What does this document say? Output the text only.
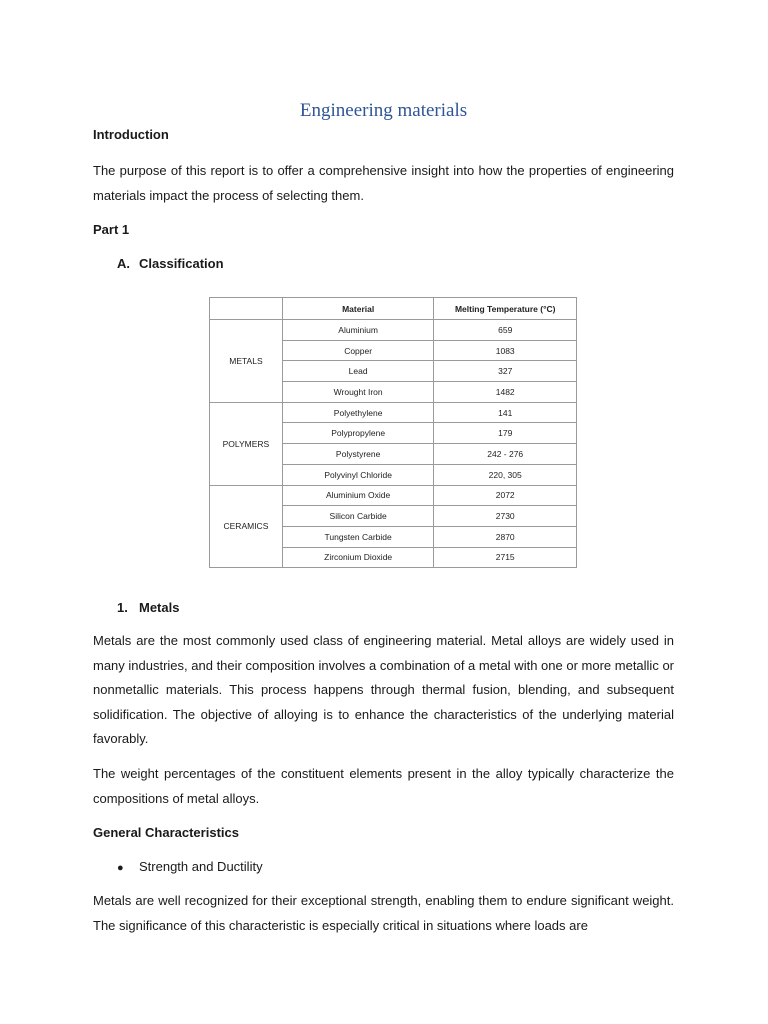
Engineering materials
Introduction

The purpose of this report is to offer a comprehensive insight into how the properties of engineering materials impact the process of selecting them.

Part 1
A. Classification
	Material	Melting Temperature (°C)
METALS	Aluminium	659
	Copper	1083
	Lead	327
	Wrought Iron	1482
POLYMERS	Polyethylene	141
	Polypropylene	179
	Polystyrene	242 - 276
	Polyvinyl Chloride	220, 305
CERAMICS	Aluminium Oxide	2072
	Silicon Carbide	2730
	Tungsten Carbide	2870
	Zirconium Dioxide	2715
1. Metals

Metals are the most commonly used class of engineering material. Metal alloys are widely used in many industries, and their composition involves a combination of a metal with one or more metallic or nonmetallic materials. This process happens through thermal fusion, blending, and subsequent solidification. The objective of alloying is to enhance the characteristics of the underlying material favorably.

The weight percentages of the constituent elements present in the alloy typically characterize the compositions of metal alloys.

General Characteristics

● Strength and Ductility

Metals are well recognized for their exceptional strength, enabling them to endure significant weight. The significance of this characteristic is especially critical in situations where loads are
